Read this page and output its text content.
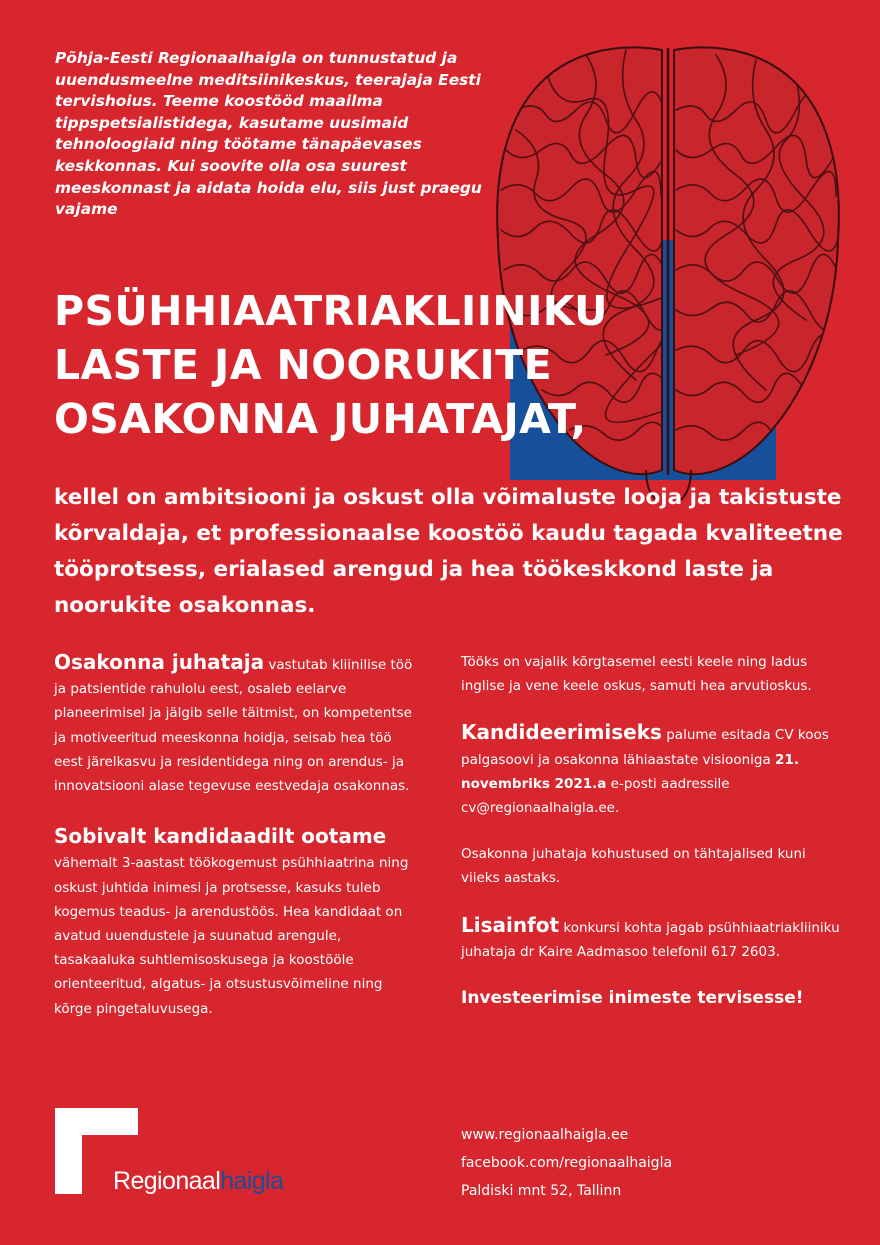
Põhja-Eesti Regionaalhaigla on tunnustatud ja uuendusmeelne meditsiinikeskus, teerajaja Eesti tervishoius. Teeme koostööd maailma tippspetsialistidega, kasutame uusimaid tehnoloogiaid ning töötame tänapäevases keskkonnas. Kui soovite olla osa suurest meeskonnast ja aidata hoida elu, siis just praegu vajame
PSÜHHIAATRIAKLIINIKU
LASTE JA NOORUKITE
OSAKONNA JUHATAJAT,
kellel on ambitsiooni ja oskust olla võimaluste looja ja takistuste kõrvaldaja, et professionaalse koostöö kaudu tagada kvaliteetne tööprotsess, erialased arengud ja hea töökeskkond laste ja noorukite osakonnas.

Osakonna juhataja vastutab kliinilise töö ja patsientide rahulolu eest, osaleb eelarve planeerimisel ja jälgib selle täitmist, on kompetentse ja motiveeritud meeskonna hoidja, seisab hea töö eest järelkasvu ja residentidega ning on arendus- ja innovatsiooni alase tegevuse eestvedaja osakonnas.

Sobivalt kandidaadilt ootame

vähemalt 3-aastast töökogemust psühhiaatrina ning oskust juhtida inimesi ja protsesse, kasuks tuleb kogemus teadus- ja arendustöös. Hea kandidaat on avatud uuendustele ja suunatud arengule, tasakaaluka suhtlemisoskusega ja koostööle orienteeritud, algatus- ja otsustusvõimeline ning kõrge pingetaluvusega.

Tööks on vajalik kõrgtasemel eesti keele ning ladus inglise ja vene keele oskus, samuti hea arvutioskus.

Kandideerimiseks palume esitada CV koos palgasoovi ja osakonna lähiaastate visiooniga 21. novembriks 2021.a e-posti aadressile cv@regionaalhaigla.ee.

Osakonna juhataja kohustused on tähtajalised kuni viieks aastaks.

Lisainfot konkursi kohta jagab psühhiaatriakliiniku juhataja dr Kaire Aadmasoo telefonil 617 2603.

Investeerimise inimeste tervisesse!

www.regionaalhaigla.ee
facebook.com/regionaalhaigla
Paldiski mnt 52, Tallinn
Regionaalhaigla
